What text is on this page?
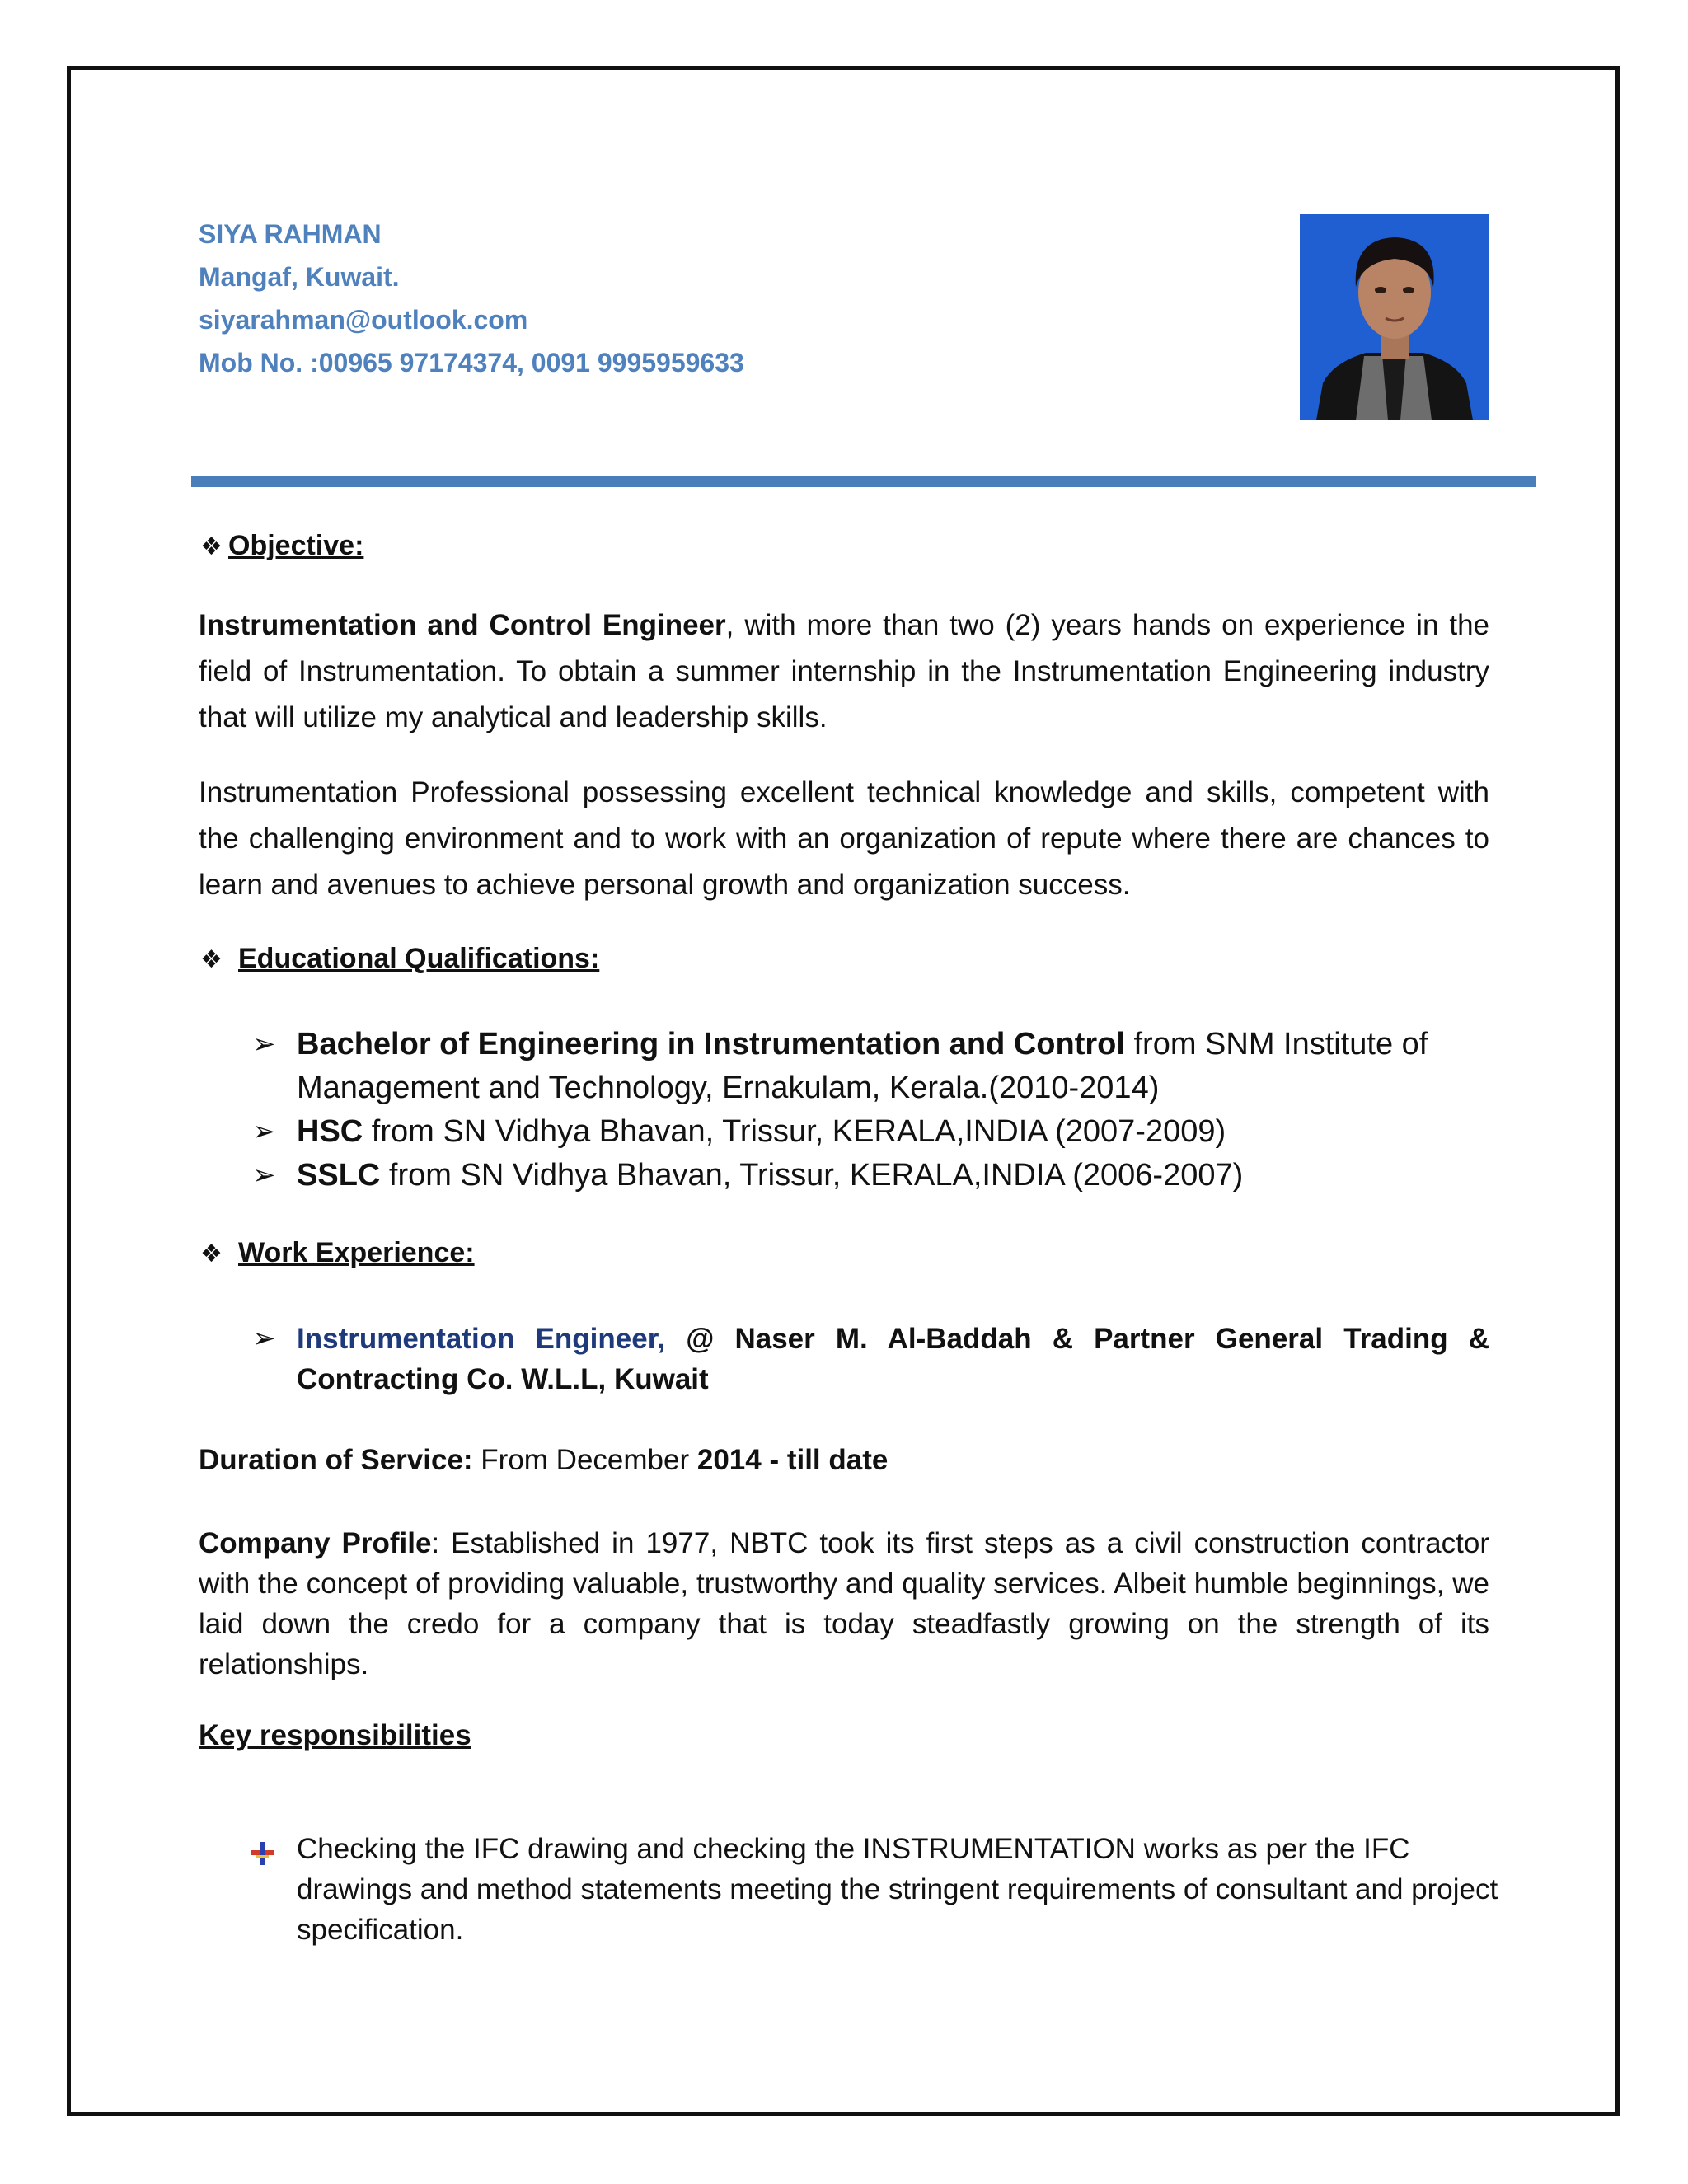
SIYA RAHMAN
Mangaf, Kuwait.
siyarahman@outlook.com
Mob No. :00965 97174374, 0091 9995959633
❖ Objective:
Instrumentation and Control Engineer, with more than two (2) years hands on experience in the field of Instrumentation. To obtain a summer internship in the Instrumentation Engineering industry that will utilize my analytical and leadership skills.
Instrumentation Professional possessing excellent technical knowledge and skills, competent with the challenging environment and to work with an organization of repute where there are chances to learn and avenues to achieve personal growth and organization success.
❖ Educational Qualifications:
➢ Bachelor of Engineering in Instrumentation and Control from SNM Institute of Management and Technology, Ernakulam, Kerala.(2010-2014)
➢ HSC from SN Vidhya Bhavan, Trissur, KERALA,INDIA (2007-2009)
➢ SSLC from SN Vidhya Bhavan, Trissur, KERALA,INDIA (2006-2007)
❖ Work Experience:
➢ Instrumentation Engineer, @ Naser M. Al-Baddah & Partner General Trading & Contracting Co. W.L.L, Kuwait
Duration of Service: From December 2014 - till date
Company Profile: Established in 1977, NBTC took its first steps as a civil construction contractor with the concept of providing valuable, trustworthy and quality services. Albeit humble beginnings, we laid down the credo for a company that is today steadfastly growing on the strength of its relationships.
Key responsibilities
Checking the IFC drawing and checking the INSTRUMENTATION works as per the IFC drawings and method statements meeting the stringent requirements of consultant and project specification.
